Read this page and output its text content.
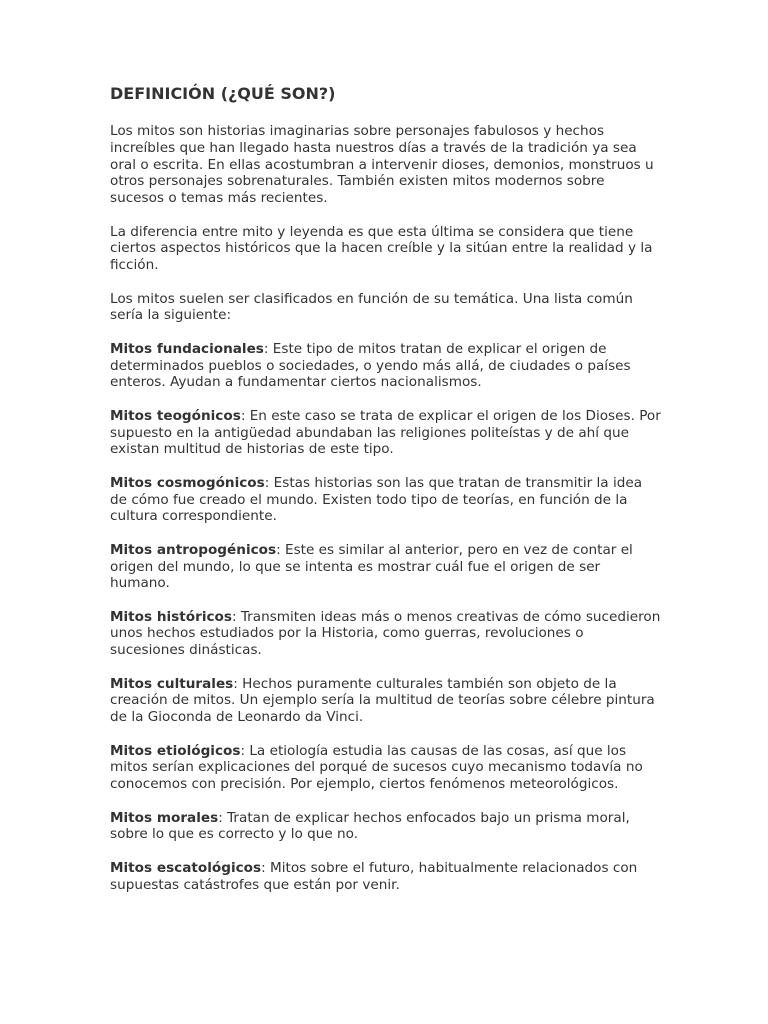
DEFINICIÓN (¿QUÉ SON?)

Los mitos son historias imaginarias sobre personajes fabulosos y hechos increíbles que han llegado hasta nuestros días a través de la tradición ya sea oral o escrita. En ellas acostumbran a intervenir dioses, demonios, monstruos u otros personajes sobrenaturales. También existen mitos modernos sobre sucesos o temas más recientes.

La diferencia entre mito y leyenda es que esta última se considera que tiene ciertos aspectos históricos que la hacen creíble y la sitúan entre la realidad y la ficción.

Los mitos suelen ser clasificados en función de su temática. Una lista común sería la siguiente:

Mitos fundacionales: Este tipo de mitos tratan de explicar el origen de determinados pueblos o sociedades, o yendo más allá, de ciudades o países enteros. Ayudan a fundamentar ciertos nacionalismos.

Mitos teogónicos: En este caso se trata de explicar el origen de los Dioses. Por supuesto en la antigüedad abundaban las religiones politeístas y de ahí que existan multitud de historias de este tipo.

Mitos cosmogónicos: Estas historias son las que tratan de transmitir la idea de cómo fue creado el mundo. Existen todo tipo de teorías, en función de la cultura correspondiente.

Mitos antropogénicos: Este es similar al anterior, pero en vez de contar el origen del mundo, lo que se intenta es mostrar cuál fue el origen de ser humano.

Mitos históricos: Transmiten ideas más o menos creativas de cómo sucedieron unos hechos estudiados por la Historia, como guerras, revoluciones o sucesiones dinásticas.

Mitos culturales: Hechos puramente culturales también son objeto de la creación de mitos. Un ejemplo sería la multitud de teorías sobre célebre pintura de la Gioconda de Leonardo da Vinci.

Mitos etiológicos: La etiología estudia las causas de las cosas, así que los mitos serían explicaciones del porqué de sucesos cuyo mecanismo todavía no conocemos con precisión. Por ejemplo, ciertos fenómenos meteorológicos.

Mitos morales: Tratan de explicar hechos enfocados bajo un prisma moral, sobre lo que es correcto y lo que no.

Mitos escatológicos: Mitos sobre el futuro, habitualmente relacionados con supuestas catástrofes que están por venir.
